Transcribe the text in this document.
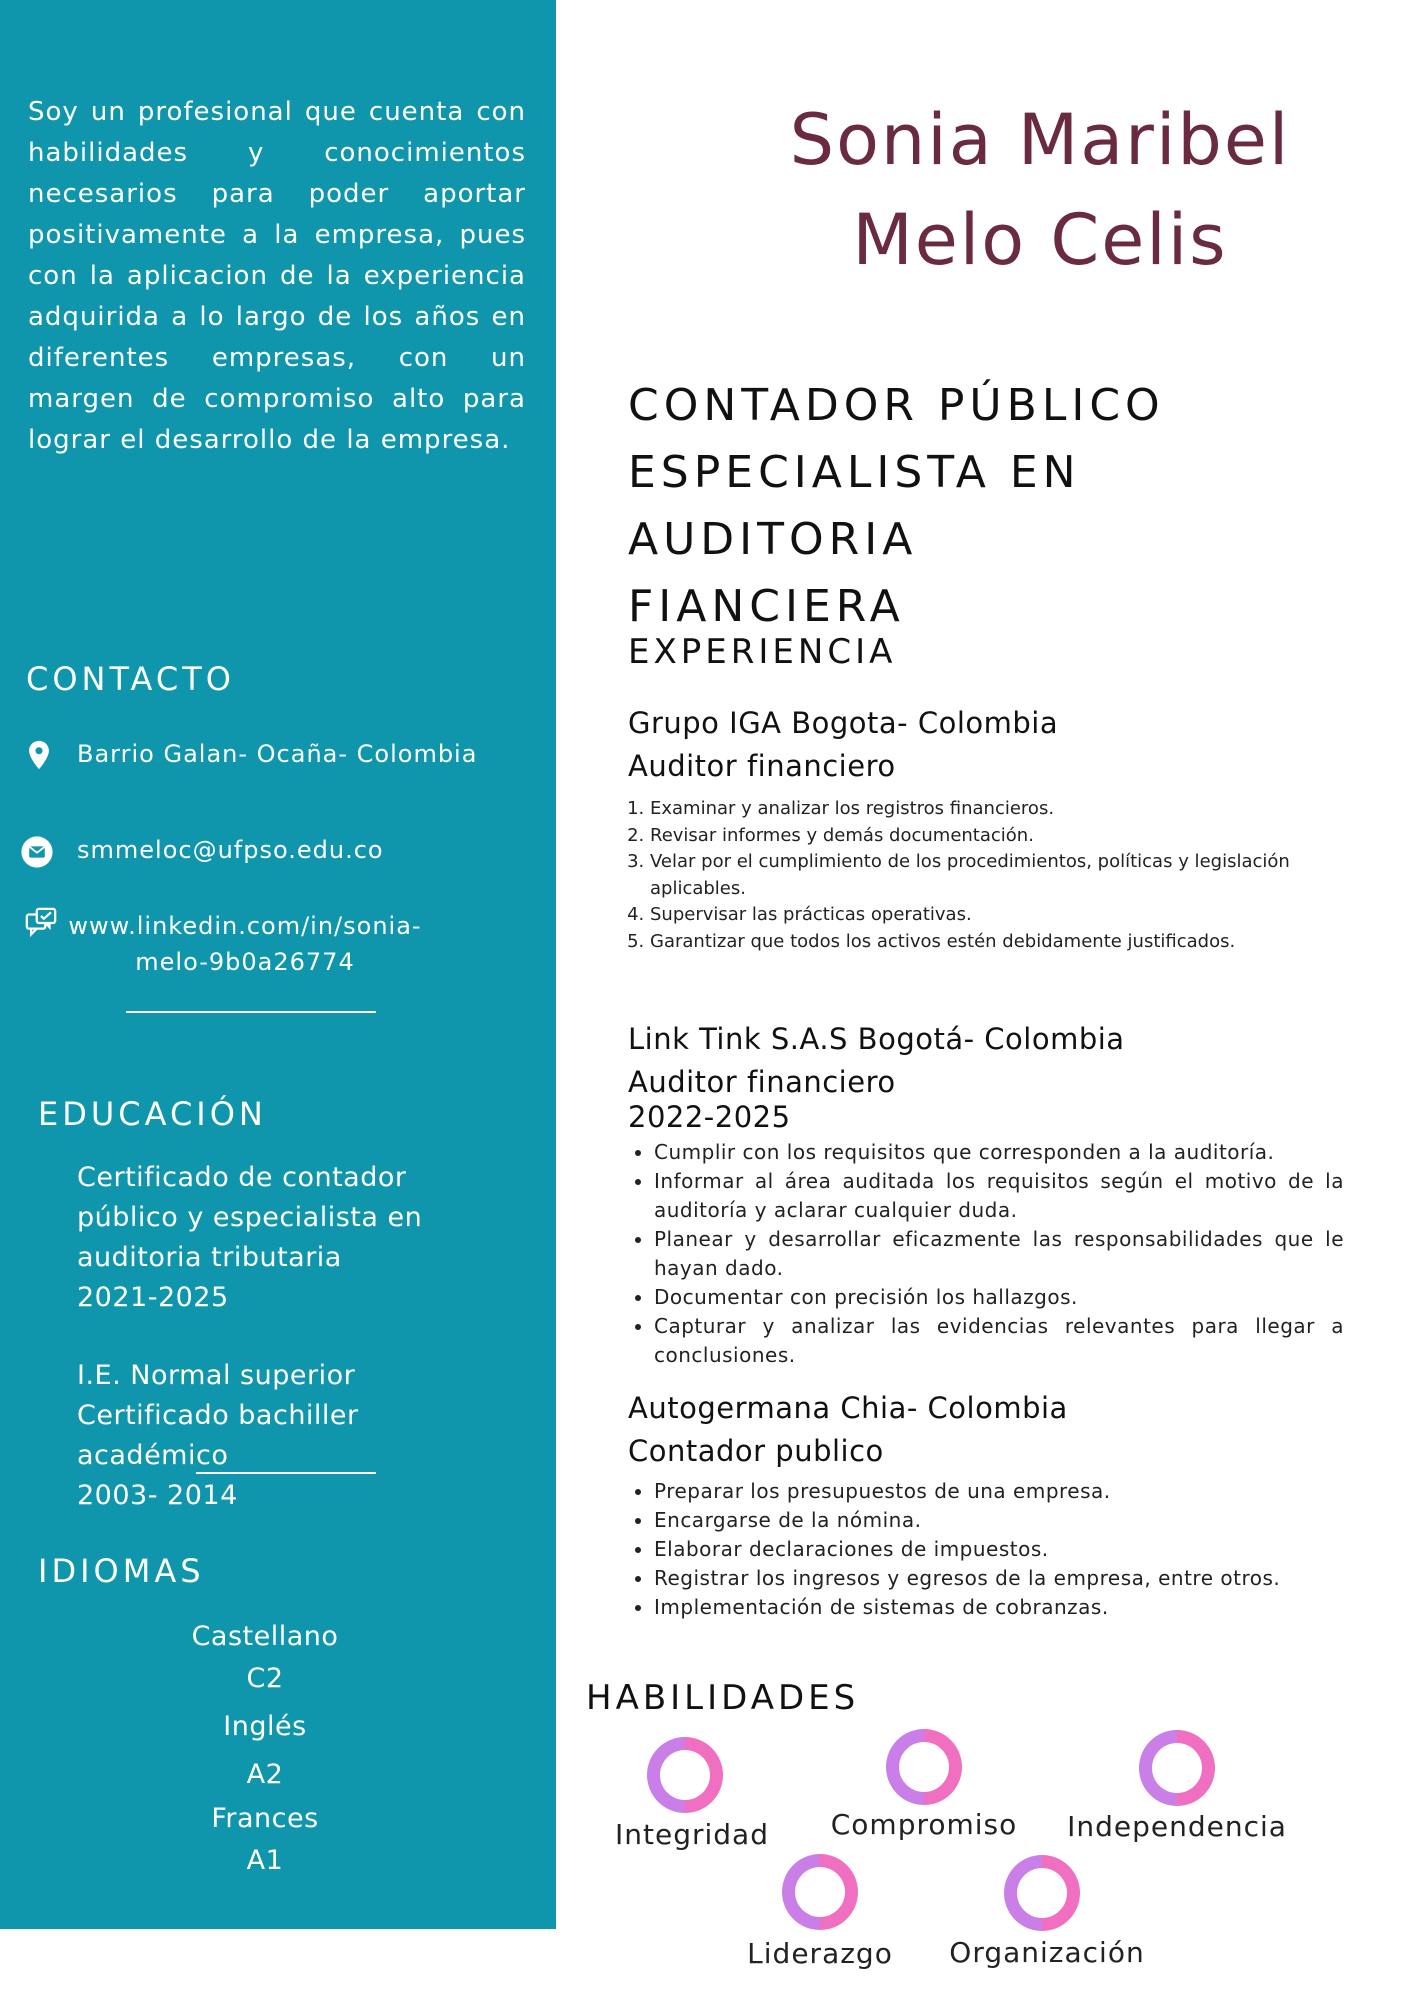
Soy un profesional que cuenta con habilidades y conocimientos necesarios para poder aportar positivamente a la empresa, pues con la aplicacion de la experiencia adquirida a lo largo de los años en diferentes empresas, con un margen de compromiso alto para lograr el desarrollo de la empresa.
CONTACTO
Barrio Galan- Ocaña- Colombia
smmeloc@ufpso.edu.co
www.linkedin.com/in/sonia-
melo-9b0a26774
EDUCACIÓN
Certificado de contador
público y especialista en
auditoria tributaria
2021-2025
I.E. Normal superior
Certificado bachiller
académico
2003- 2014
IDIOMAS
Castellano
C2
Inglés
A2
Frances
A1
Sonia Maribel
Melo Celis
CONTADOR PÚBLICO
ESPECIALISTA EN AUDITORIA
FIANCIERA
EXPERIENCIA
Grupo IGA Bogota- Colombia
Auditor financiero
1. Examinar y analizar los registros financieros.
2. Revisar informes y demás documentación.
3. Velar por el cumplimiento de los procedimientos, políticas y legislación aplicables.
4. Supervisar las prácticas operativas.
5. Garantizar que todos los activos estén debidamente justificados.
Link Tink S.A.S Bogotá- Colombia
Auditor financiero
2022-2025
• Cumplir con los requisitos que corresponden a la auditoría.
• Informar al área auditada los requisitos según el motivo de la auditoría y aclarar cualquier duda.
• Planear y desarrollar eficazmente las responsabilidades que le hayan dado.
• Documentar con precisión los hallazgos.
• Capturar y analizar las evidencias relevantes para llegar a conclusiones.
Autogermana Chia- Colombia
Contador publico
• Preparar los presupuestos de una empresa.
• Encargarse de la nómina.
• Elaborar declaraciones de impuestos.
• Registrar los ingresos y egresos de la empresa, entre otros.
• Implementación de sistemas de cobranzas.
HABILIDADES
Integridad	Compromiso	Independencia
Liderazgo	Organización
